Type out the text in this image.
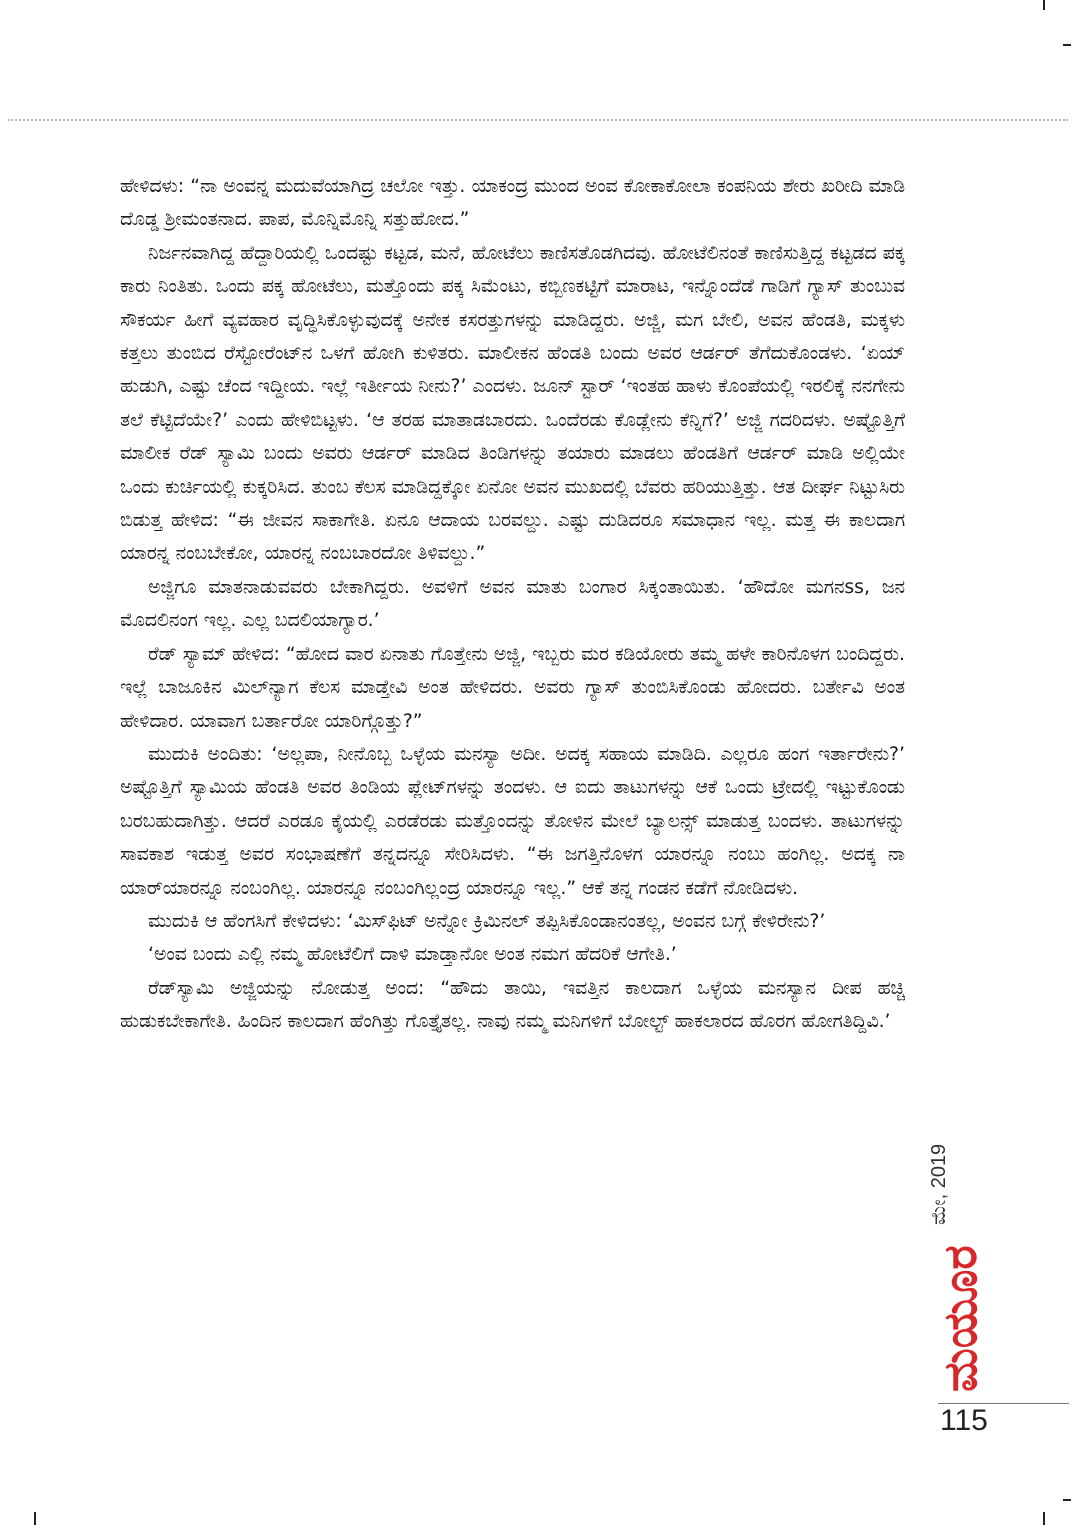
ಹೇಳಿದಳು: “ನಾ ಅಂವನ್ನ ಮದುವೆಯಾಗಿದ್ರ ಚಲೋ ಇತ್ತು. ಯಾಕಂದ್ರ ಮುಂದ ಅಂವ ಕೋಕಾಕೋಲಾ ಕಂಪನಿಯ ಶೇರು ಖರೀದಿ ಮಾಡಿ ದೊಡ್ಡ ಶ್ರೀಮಂತನಾದ. ಪಾಪ, ಮೊನ್ನಿಮೊನ್ನಿ ಸತ್ತುಹೋದ.”

ನಿರ್ಜನವಾಗಿದ್ದ ಹೆದ್ದಾರಿಯಲ್ಲಿ ಒಂದಷ್ಟು ಕಟ್ಟಡ, ಮನೆ, ಹೋಟೆಲು ಕಾಣಿಸತೊಡಗಿದವು. ಹೋಟೆಲಿನಂತೆ ಕಾಣಿಸುತ್ತಿದ್ದ ಕಟ್ಟಡದ ಪಕ್ಕ ಕಾರು ನಿಂತಿತು. ಒಂದು ಪಕ್ಕ ಹೋಟೆಲು, ಮತ್ತೊಂದು ಪಕ್ಕ ಸಿಮೆಂಟು, ಕಬ್ಬಿಣಕಟ್ಟಿಗೆ ಮಾರಾಟ, ಇನ್ನೊಂದೆಡೆ ಗಾಡಿಗೆ ಗ್ಯಾಸ್ ತುಂಬುವ ಸೌಕರ್ಯ ಹೀಗೆ ವ್ಯವಹಾರ ವೃದ್ಧಿಸಿಕೊಳ್ಳುವುದಕ್ಕೆ ಅನೇಕ ಕಸರತ್ತುಗಳನ್ನು ಮಾಡಿದ್ದರು. ಅಜ್ಜಿ, ಮಗ ಬೇಲಿ, ಅವನ ಹೆಂಡತಿ, ಮಕ್ಕಳು ಕತ್ತಲು ತುಂಬಿದ ರೆಸ್ಟೋರೆಂಟ್‌ನ ಒಳಗೆ ಹೋಗಿ ಕುಳಿತರು. ಮಾಲೀಕನ ಹೆಂಡತಿ ಬಂದು ಅವರ ಆರ್ಡರ್ ತೆಗೆದುಕೊಂಡಳು. ‘ಏಯ್ ಹುಡುಗಿ, ಎಷ್ಟು ಚೆಂದ ಇದ್ದೀಯ. ಇಲ್ಲೆ ಇರ್ತೀಯ ನೀನು?’ ಎಂದಳು. ಜೂನ್ ಸ್ಟಾರ್ ‘ಇಂತಹ ಹಾಳು ಕೊಂಪೆಯಲ್ಲಿ ಇರಲಿಕ್ಕೆ ನನಗೇನು ತಲೆ ಕೆಟ್ಟಿದೆಯೇ?’ ಎಂದು ಹೇಳಿಬಿಟ್ಟಳು. ‘ಆ ತರಹ ಮಾತಾಡಬಾರದು. ಒಂದೆರಡು ಕೊಡ್ಲೇನು ಕೆನ್ನಿಗೆ?’ ಅಜ್ಜಿ ಗದರಿದಳು. ಅಷ್ಟೊತ್ತಿಗೆ ಮಾಲೀಕ ರೆಡ್ ಸ್ಯಾಮಿ ಬಂದು ಅವರು ಆರ್ಡರ್ ಮಾಡಿದ ತಿಂಡಿಗಳನ್ನು ತಯಾರು ಮಾಡಲು ಹೆಂಡತಿಗೆ ಆರ್ಡರ್ ಮಾಡಿ ಅಲ್ಲಿಯೇ ಒಂದು ಕುರ್ಚಿಯಲ್ಲಿ ಕುಕ್ಕರಿಸಿದ. ತುಂಬ ಕೆಲಸ ಮಾಡಿದ್ದಕ್ಕೋ ಏನೋ ಅವನ ಮುಖದಲ್ಲಿ ಬೆವರು ಹರಿಯುತ್ತಿತ್ತು. ಆತ ದೀರ್ಘ ನಿಟ್ಟುಸಿರು ಬಿಡುತ್ತ ಹೇಳಿದ: “ಈ ಜೀವನ ಸಾಕಾಗೇತಿ. ಏನೂ ಆದಾಯ ಬರವಲ್ದು. ಎಷ್ಟು ದುಡಿದರೂ ಸಮಾಧಾನ ಇಲ್ಲ. ಮತ್ತ ಈ ಕಾಲದಾಗ ಯಾರನ್ನ ನಂಬಬೇಕೋ, ಯಾರನ್ನ ನಂಬಬಾರದೋ ತಿಳಿವಲ್ದು.”

ಅಜ್ಜಿಗೂ ಮಾತನಾಡುವವರು ಬೇಕಾಗಿದ್ದರು. ಅವಳಿಗೆ ಅವನ ಮಾತು ಬಂಗಾರ ಸಿಕ್ಕಂತಾಯಿತು. ‘ಹೌದೋ ಮಗನss, ಜನ ಮೊದಲಿನಂಗ ಇಲ್ಲ. ಎಲ್ಲ ಬದಲಿಯಾಗ್ಯಾರ.’

ರೆಡ್ ಸ್ಯಾಮ್ ಹೇಳಿದ: “ಹೋದ ವಾರ ಏನಾತು ಗೊತ್ತೇನು ಅಜ್ಜಿ, ಇಬ್ಬರು ಮರ ಕಡಿಯೋರು ತಮ್ಮ ಹಳೇ ಕಾರಿನೊಳಗ ಬಂದಿದ್ದರು. ಇಲ್ಲೆ ಬಾಜೂಕಿನ ಮಿಲ್‌ನ್ಯಾಗ ಕೆಲಸ ಮಾಡ್ತೇವಿ ಅಂತ ಹೇಳಿದರು. ಅವರು ಗ್ಯಾಸ್ ತುಂಬಿಸಿಕೊಂಡು ಹೋದರು. ಬರ್ತೇವಿ ಅಂತ ಹೇಳಿದಾರ. ಯಾವಾಗ ಬರ್ತಾರೋ ಯಾರಿಗ್ಗೊತ್ತು?”

ಮುದುಕಿ ಅಂದಿತು: ‘ಅಲ್ಲಪಾ, ನೀನೊಬ್ಬ ಒಳ್ಳೆಯ ಮನಸ್ಯಾ ಅದೀ. ಅದಕ್ಕ ಸಹಾಯ ಮಾಡಿದಿ. ಎಲ್ಲರೂ ಹಂಗ ಇರ್ತಾರೇನು?’ ಅಷ್ಟೊತ್ತಿಗೆ ಸ್ಯಾಮಿಯ ಹೆಂಡತಿ ಅವರ ತಿಂಡಿಯ ಪ್ಲೇಟ್‌ಗಳನ್ನು ತಂದಳು. ಆ ಐದು ತಾಟುಗಳನ್ನು ಆಕೆ ಒಂದು ಟ್ರೇದಲ್ಲಿ ಇಟ್ಟುಕೊಂಡು ಬರಬಹುದಾಗಿತ್ತು. ಆದರೆ ಎರಡೂ ಕೈಯಲ್ಲಿ ಎರಡೆರಡು ಮತ್ತೊಂದನ್ನು ತೋಳಿನ ಮೇಲೆ ಬ್ಯಾಲನ್ಸ್ ಮಾಡುತ್ತ ಬಂದಳು. ತಾಟುಗಳನ್ನು ಸಾವಕಾಶ ಇಡುತ್ತ ಅವರ ಸಂಭಾಷಣೆಗೆ ತನ್ನದನ್ನೂ ಸೇರಿಸಿದಳು. “ಈ ಜಗತ್ತಿನೊಳಗ ಯಾರನ್ನೂ ನಂಬು ಹಂಗಿಲ್ಲ. ಅದಕ್ಕ ನಾ ಯಾರ್‌ಯಾರನ್ನೂ ನಂಬಂಗಿಲ್ಲ. ಯಾರನ್ನೂ ನಂಬಂಗಿಲ್ಲಂದ್ರ ಯಾರನ್ನೂ ಇಲ್ಲ.” ಆಕೆ ತನ್ನ ಗಂಡನ ಕಡೆಗೆ ನೋಡಿದಳು.

ಮುದುಕಿ ಆ ಹೆಂಗಸಿಗೆ ಕೇಳಿದಳು: ‘ಮಿಸ್‌ಫಿಟ್ ಅನ್ನೋ ಕ್ರಿಮಿನಲ್ ತಪ್ಪಿಸಿಕೊಂಡಾನಂತಲ್ಲ, ಅಂವನ ಬಗ್ಗೆ ಕೇಳಿರೇನು?’

‘ಅಂವ ಬಂದು ಎಲ್ಲಿ ನಮ್ಮ ಹೋಟೆಲಿಗೆ ದಾಳಿ ಮಾಡ್ತಾನೋ ಅಂತ ನಮಗ ಹೆದರಿಕೆ ಆಗೇತಿ.’

ರೆಡ್‌ಸ್ಯಾಮಿ ಅಜ್ಜಿಯನ್ನು ನೋಡುತ್ತ ಅಂದ: “ಹೌದು ತಾಯಿ, ಇವತ್ತಿನ ಕಾಲದಾಗ ಒಳ್ಳೆಯ ಮನಸ್ಯಾನ ದೀಪ ಹಚ್ಚಿ ಹುಡುಕಬೇಕಾಗೇತಿ. ಹಿಂದಿನ ಕಾಲದಾಗ ಹೆಂಗಿತ್ತು ಗೊತ್ತೈತಲ್ಲ. ನಾವು ನಮ್ಮ ಮನಿಗಳಿಗೆ ಬೋಲ್ಟ್ ಹಾಕಲಾರದ ಹೊರಗ ಹೋಗತಿದ್ದಿವಿ.’

ಮೇ, 2019
ಮಯೂರ
115
